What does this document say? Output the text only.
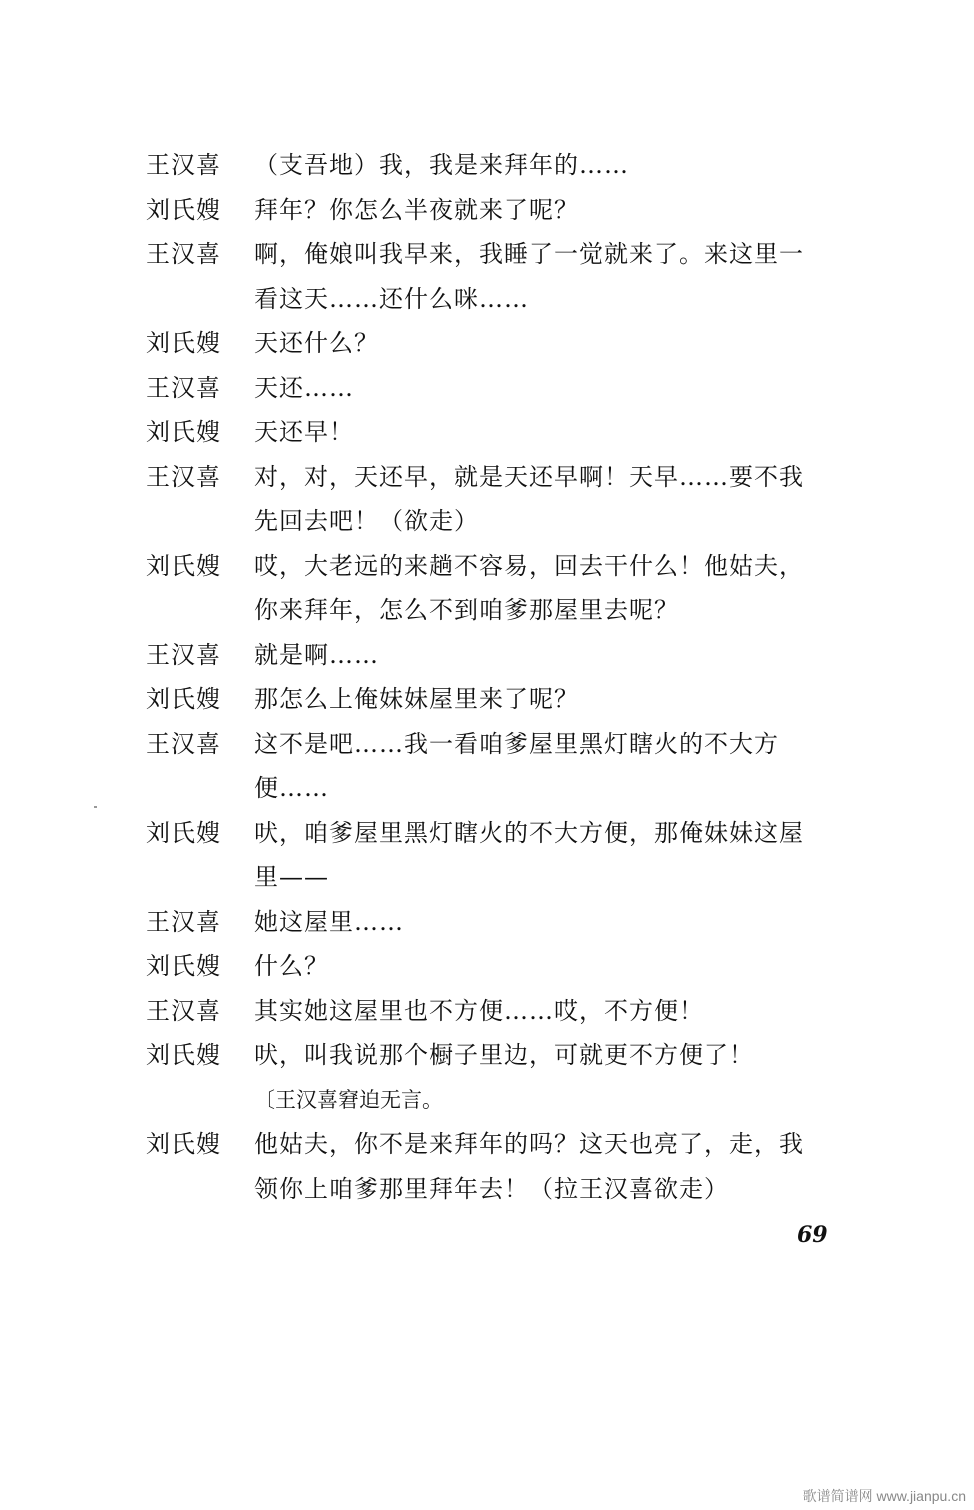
王汉喜	（支吾地）我，我是来拜年的……
刘氏嫂	拜年？你怎么半夜就来了呢？
王汉喜	啊，俺娘叫我早来，我睡了一觉就来了。来这里一
看这天……还什么咪……
刘氏嫂	天还什么？
王汉喜	天还……
刘氏嫂	天还早！
王汉喜	对，对，天还早，就是天还早啊！天早……要不我
先回去吧！（欲走）
刘氏嫂	哎，大老远的来趟不容易，回去干什么！他姑夫，
你来拜年，怎么不到咱爹那屋里去呢？
王汉喜	就是啊……
刘氏嫂	那怎么上俺妹妹屋里来了呢？
王汉喜	这不是吧……我一看咱爹屋里黑灯瞎火的不大方
便……
刘氏嫂	吠，咱爹屋里黑灯瞎火的不大方便，那俺妹妹这屋
里——
王汉喜	她这屋里……
刘氏嫂	什么？
王汉喜	其实她这屋里也不方便……哎，不方便！
刘氏嫂	吠，叫我说那个橱子里边，可就更不方便了！
〔王汉喜窘迫无言。
刘氏嫂	他姑夫，你不是来拜年的吗？这天也亮了，走，我
领你上咱爹那里拜年去！（拉王汉喜欲走）
69
歌谱简谱网 www.jianpu.cn
